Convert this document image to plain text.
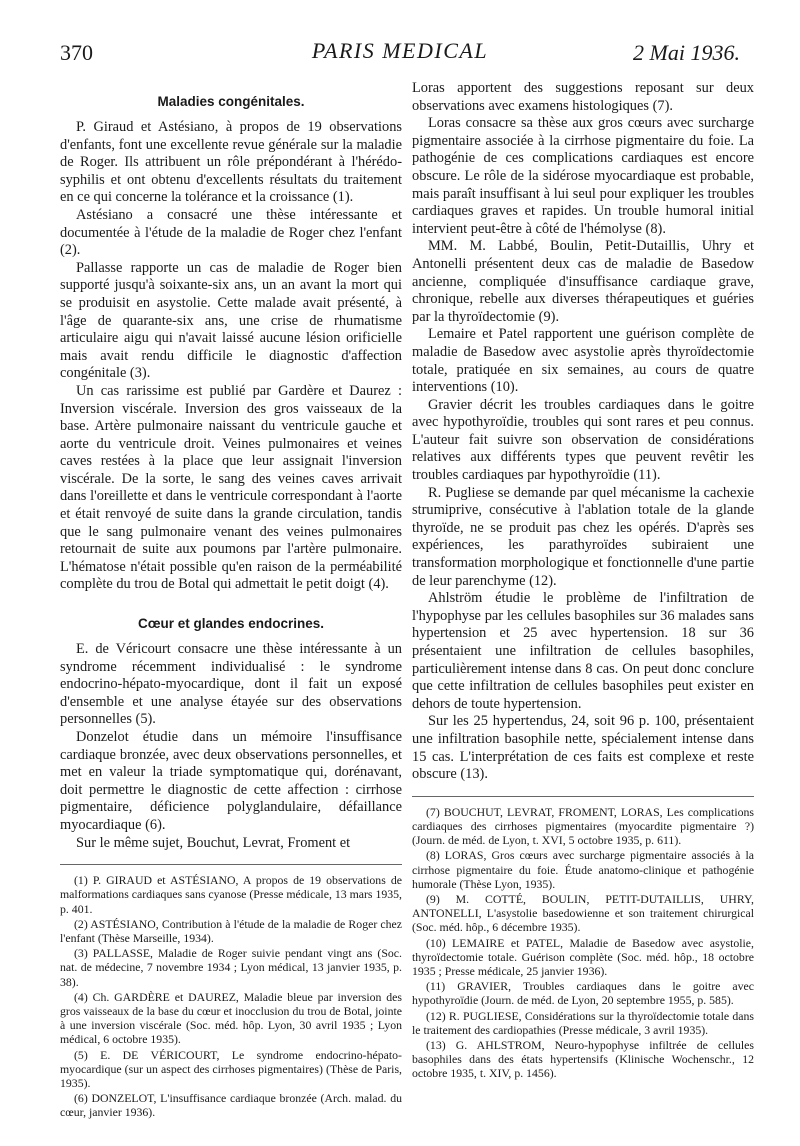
370	PARIS MEDICAL	2 Mai 1936.
Maladies congénitales.

P. Giraud et Astésiano, à propos de 19 observations d'enfants, font une excellente revue générale sur la maladie de Roger. Ils attribuent un rôle prépondérant à l'hérédo-syphilis et ont obtenu d'excellents résultats du traitement en ce qui concerne la tolérance et la croissance (1).

Astésiano a consacré une thèse intéressante et documentée à l'étude de la maladie de Roger chez l'enfant (2).

Pallasse rapporte un cas de maladie de Roger bien supporté jusqu'à soixante-six ans, un an avant la mort qui se produisit en asystolie. Cette malade avait présenté, à l'âge de quarante-six ans, une crise de rhumatisme articulaire aigu qui n'avait laissé aucune lésion orificielle mais avait rendu difficile le diagnostic d'affection congénitale (3).

Un cas rarissime est publié par Gardère et Daurez : Inversion viscérale. Inversion des gros vaisseaux de la base. Artère pulmonaire naissant du ventricule gauche et aorte du ventricule droit. Veines pulmonaires et veines caves restées à la place que leur assignait l'inversion viscérale. De la sorte, le sang des veines caves arrivait dans l'oreillette et dans le ventricule correspondant à l'aorte et était renvoyé de suite dans la grande circulation, tandis que le sang pulmonaire venant des veines pulmonaires retournait de suite aux poumons par l'artère pulmonaire. L'hématose n'était possible qu'en raison de la perméabilité complète du trou de Botal qui admettait le petit doigt (4).

Cœur et glandes endocrines.

E. de Véricourt consacre une thèse intéressante à un syndrome récemment individualisé : le syndrome endocrino-hépato-myocardique, dont il fait un exposé d'ensemble et une analyse étayée sur des observations personnelles (5).

Donzelot étudie dans un mémoire l'insuffisance cardiaque bronzée, avec deux observations personnelles, et met en valeur la triade symptomatique qui, dorénavant, doit permettre le diagnostic de cette affection : cirrhose pigmentaire, déficience polyglandulaire, défaillance myocardiaque (6).

Sur le même sujet, Bouchut, Levrat, Froment et

(1) P. GIRAUD et ASTÉSIANO, A propos de 19 observations de malformations cardiaques sans cyanose (Presse médicale, 13 mars 1935, p. 401.

(2) ASTÉSIANO, Contribution à l'étude de la maladie de Roger chez l'enfant (Thèse Marseille, 1934).

(3) PALLASSE, Maladie de Roger suivie pendant vingt ans (Soc. nat. de médecine, 7 novembre 1934 ; Lyon médical, 13 janvier 1935, p. 38).

(4) Ch. GARDÈRE et DAUREZ, Maladie bleue par inversion des gros vaisseaux de la base du cœur et inocclusion du trou de Botal, jointe à une inversion viscérale (Soc. méd. hôp. Lyon, 30 avril 1935 ; Lyon médical, 6 octobre 1935).

(5) E. DE VÉRICOURT, Le syndrome endocrino-hépato-myocardique (sur un aspect des cirrhoses pigmentaires) (Thèse de Paris, 1935).

(6) DONZELOT, L'insuffisance cardiaque bronzée (Arch. malad. du cœur, janvier 1936).

Loras apportent des suggestions reposant sur deux observations avec examens histologiques (7).

Loras consacre sa thèse aux gros cœurs avec surcharge pigmentaire associée à la cirrhose pigmentaire du foie. La pathogénie de ces complications cardiaques est encore obscure. Le rôle de la sidérose myocardiaque est probable, mais paraît insuffisant à lui seul pour expliquer les troubles cardiaques graves et rapides. Un trouble humoral initial intervient peut-être à côté de l'hémolyse (8).

MM. M. Labbé, Boulin, Petit-Dutaillis, Uhry et Antonelli présentent deux cas de maladie de Basedow ancienne, compliquée d'insuffisance cardiaque grave, chronique, rebelle aux diverses thérapeutiques et guéries par la thyroïdectomie (9).

Lemaire et Patel rapportent une guérison complète de maladie de Basedow avec asystolie après thyroïdectomie totale, pratiquée en six semaines, au cours de quatre interventions (10).

Gravier décrit les troubles cardiaques dans le goitre avec hypothyroïdie, troubles qui sont rares et peu connus. L'auteur fait suivre son observation de considérations relatives aux différents types que peuvent revêtir les troubles cardiaques par hypothyroïdie (11).

R. Pugliese se demande par quel mécanisme la cachexie strumiprive, consécutive à l'ablation totale de la glande thyroïde, ne se produit pas chez les opérés. D'après ses expériences, les parathyroïdes subiraient une transformation morphologique et fonctionnelle d'une partie de leur parenchyme (12).

Ahlström étudie le problème de l'infiltration de l'hypophyse par les cellules basophiles sur 36 malades sans hypertension et 25 avec hypertension. 18 sur 36 présentaient une infiltration de cellules basophiles, particulièrement intense dans 8 cas. On peut donc conclure que cette infiltration de cellules basophiles peut exister en dehors de toute hypertension.

Sur les 25 hypertendus, 24, soit 96 p. 100, présentaient une infiltration basophile nette, spécialement intense dans 15 cas. L'interprétation de ces faits est complexe et reste obscure (13).

(7) BOUCHUT, LEVRAT, FROMENT, LORAS, Les complications cardiaques des cirrhoses pigmentaires (myocardite pigmentaire ?) (Journ. de méd. de Lyon, t. XVI, 5 octobre 1935, p. 611).

(8) LORAS, Gros cœurs avec surcharge pigmentaire associés à la cirrhose pigmentaire du foie. Étude anatomo-clinique et pathogénie humorale (Thèse Lyon, 1935).

(9) M. COTTÉ, BOULIN, PETIT-DUTAILLIS, UHRY, ANTONELLI, L'asystolie basedowienne et son traitement chirurgical (Soc. méd. hôp., 6 décembre 1935).

(10) LEMAIRE et PATEL, Maladie de Basedow avec asystolie, thyroïdectomie totale. Guérison complète (Soc. méd. hôp., 18 octobre 1935 ; Presse médicale, 25 janvier 1936).

(11) GRAVIER, Troubles cardiaques dans le goitre avec hypothyroïdie (Journ. de méd. de Lyon, 20 septembre 1955, p. 585).

(12) R. PUGLIESE, Considérations sur la thyroïdectomie totale dans le traitement des cardiopathies (Presse médicale, 3 avril 1935).

(13) G. AHLSTROM, Neuro-hypophyse infiltrée de cellules basophiles dans des états hypertensifs (Klinische Wochenschr., 12 octobre 1935, t. XIV, p. 1456).
